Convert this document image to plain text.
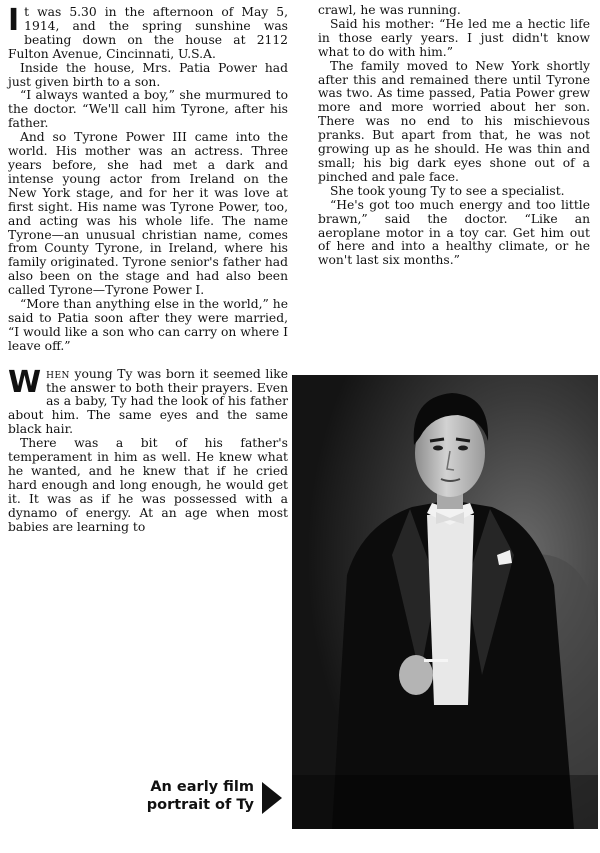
It was 5.30 in the afternoon of May 5, 1914, and the spring sunshine was beating down on the house at 2112 Fulton Avenue, Cincinnati, U.S.A.

Inside the house, Mrs. Patia Power had just given birth to a son.

“I always wanted a boy,” she murmured to the doctor. “We'll call him Tyrone, after his father.

And so Tyrone Power III came into the world. His mother was an actress. Three years before, she had met a dark and intense young actor from Ireland on the New York stage, and for her it was love at first sight. His name was Tyrone Power, too, and acting was his whole life. The name Tyrone—an unusual christian name, comes from County Tyrone, in Ireland, where his family originated. Tyrone senior's father had also been on the stage and had also been called Tyrone—Tyrone Power I.

“More than anything else in the world,” he said to Patia soon after they were married, “I would like a son who can carry on where I leave off.”

When young Ty was born it seemed like the answer to both their prayers. Even as a baby, Ty had the look of his father about him. The same eyes and the same black hair.

There was a bit of his father's temperament in him as well. He knew what he wanted, and he knew that if he cried hard enough and long enough, he would get it. It was as if he was possessed with a dynamo of energy. At an age when most babies are learning to

crawl, he was running.

Said his mother: “He led me a hectic life in those early years. I just didn't know what to do with him.”

The family moved to New York shortly after this and remained there until Tyrone was two. As time passed, Patia Power grew more and more worried about her son. There was no end to his mischievous pranks. But apart from that, he was not growing up as he should. He was thin and small; his big dark eyes shone out of a pinched and pale face.

She took young Ty to see a specialist.

“He's got too much energy and too little brawn,” said the doctor. “Like an aeroplane motor in a toy car. Get him out of here and into a healthy climate, or he won't last six months.”

An early film
portrait of Ty
